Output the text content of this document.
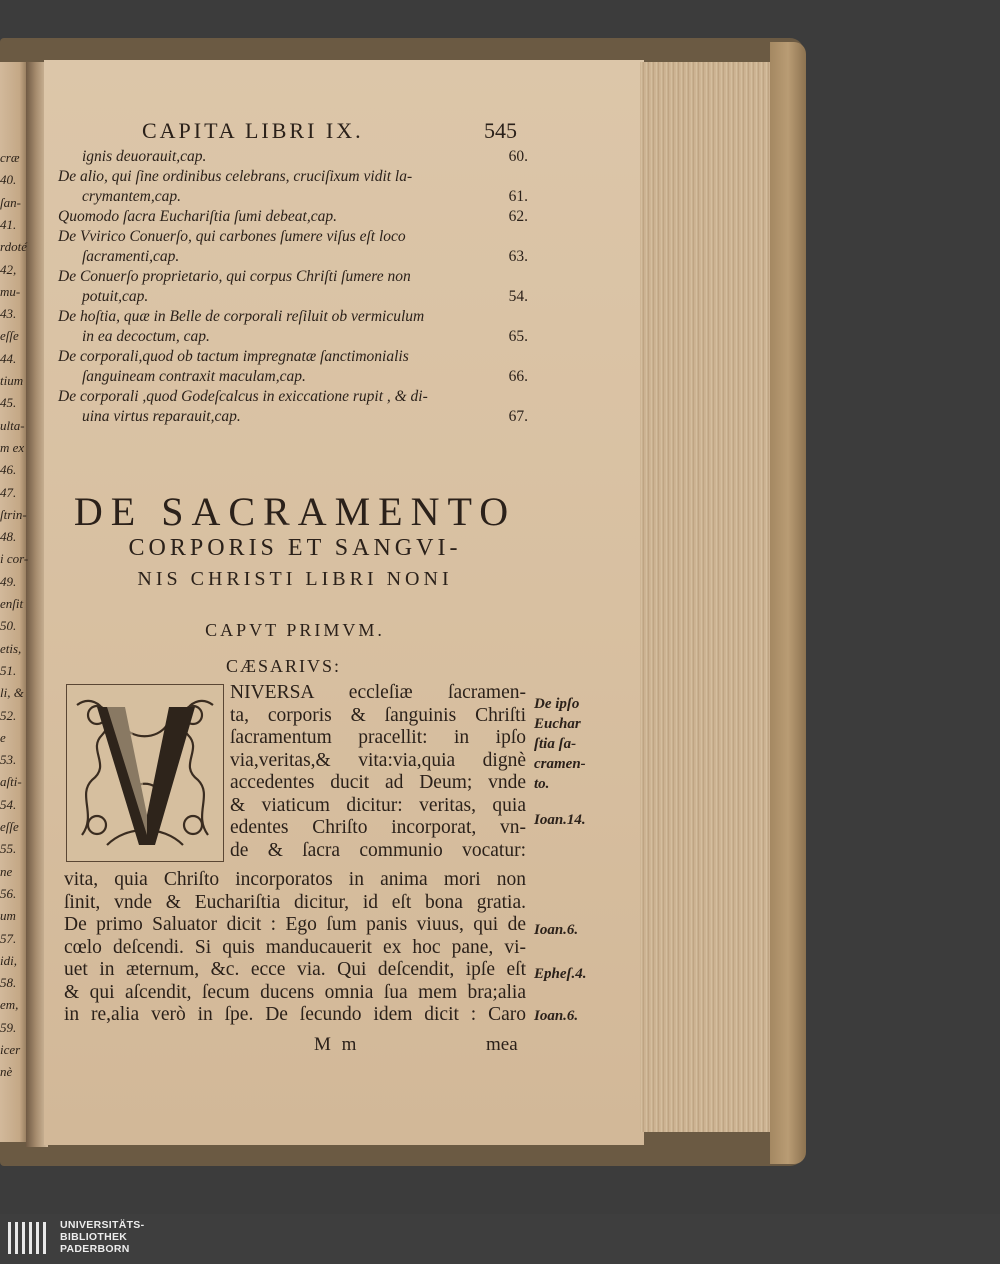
cræ
40.
ſan-
41.
rdoté
42,
mu-
43.
eſſe
44.
tium
45.
ulta-
m ex
46.
47.
ſtrin-
48.
i cor-
49.
enſit
50.
etis,
51.
li, &
52.
e
53.
aſti-
54.
eſſe
55.
ne
56.
um
57.
idi,
58.
em,
59.
icer
nè
CAPITA LIBRI IX.	545
ignis deuorauit,cap.	60.
De alio, qui ſine ordinibus celebrans, cruciſixum vidit la-
crymantem,cap.	61.
Quomodo ſacra Euchariſtia ſumi debeat,cap.	62.
De Vvirico Conuerſo, qui carbones ſumere viſus eſt loco
ſacramenti,cap.	63.
De Conuerſo proprietario, qui corpus Chriſti ſumere non
potuit,cap.	54.
De hoſtia, quæ in Belle de corporali reſiluit ob vermiculum
in ea decoctum, cap.	65.
De corporali,quod ob tactum impregnatæ ſanctimonialis
ſanguineam contraxit maculam,cap.	66.
De corporali ,quod Godeſcalcus in exiccatione rupit , & di-
uina virtus reparauit,cap.	67.
DE SACRAMENTO
CORPORIS ET SANGVI-
NIS CHRISTI LIBRI NONI
CAPVT PRIMVM.
CÆSARIVS:
NIVERSA eccleſiæ ſacramen-
ta, corporis & ſanguinis Chriſti
ſacramentum pracellit: in ipſo
via,veritas,& vita:via,quia dignè
accedentes ducit ad Deum; vnde
& viaticum dicitur: veritas, quia
edentes Chriſto incorporat, vn-
de & ſacra communio vocatur:
vita, quia Chriſto incorporatos in anima mori non
ſinit, vnde & Euchariſtia dicitur, id eſt bona gratia.
De primo Saluator dicit : Ego ſum panis viuus, qui de
cœlo deſcendi. Si quis manducauerit ex hoc pane, vi-
uet in æternum, &c. ecce via. Qui deſcendit, ipſe eſt
& qui aſcendit, ſecum ducens omnia ſua mem bra;alia
in re,alia verò in ſpe. De ſecundo idem dicit : Caro
M m	mea
De ipſo
Euchar
ſtia ſa-
cramen-
to.
Ioan.14.
Ioan.6.
Epheſ.4.
Ioan.6.
UNIVERSITÄTS-
BIBLIOTHEK
PADERBORN
